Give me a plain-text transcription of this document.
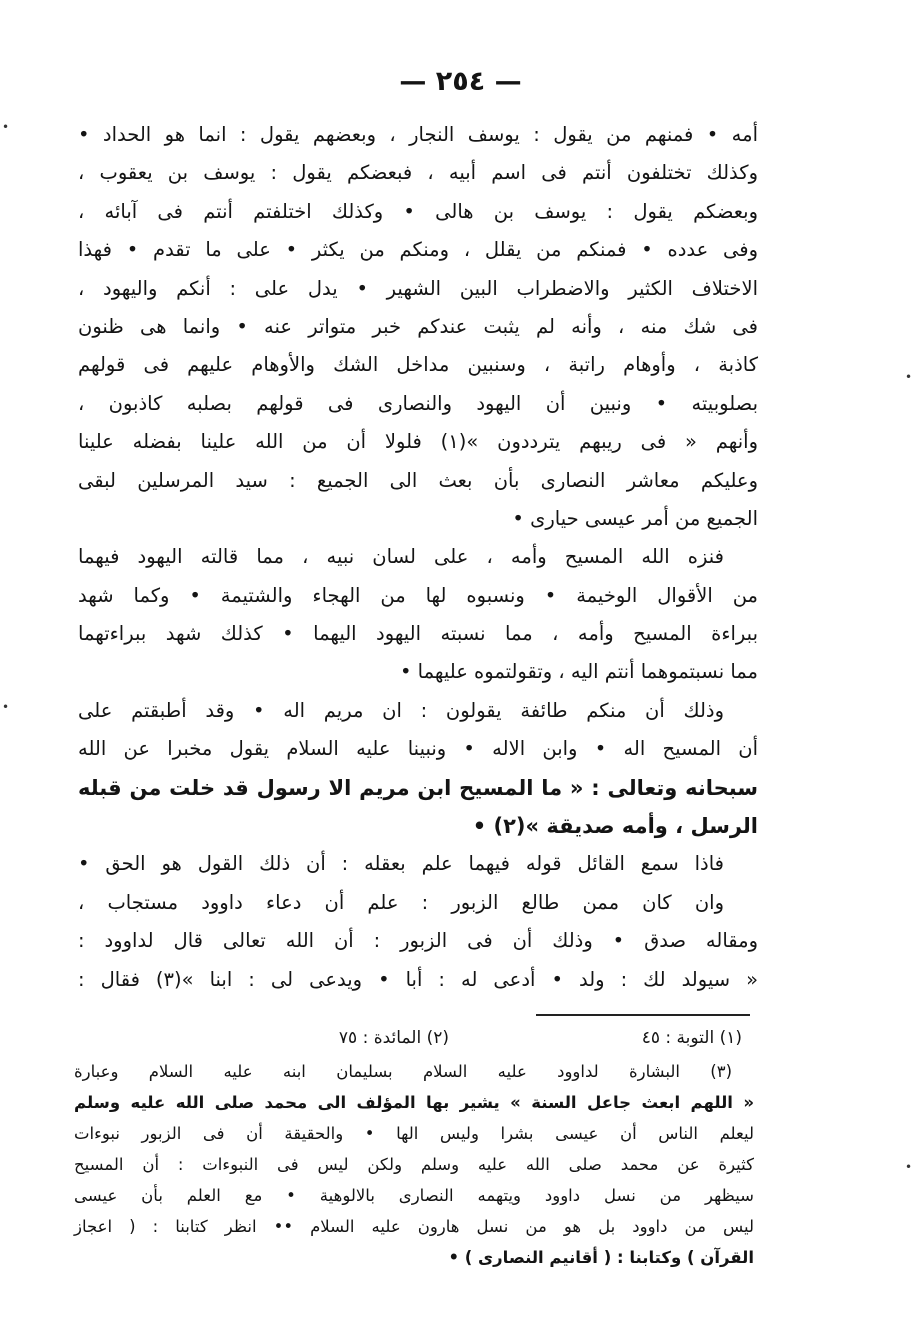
— ٢٥٤ —
أمه • فمنهم من يقول : يوسف النجار ، وبعضهم يقول : انما هو الحداد •
وكذلك تختلفون أنتم فى اسم أبيه ، فبعضكم يقول : يوسف بن يعقوب ،
وبعضكم يقول : يوسف بن هالى • وكذلك اختلفتم أنتم فى آبائه ،
وفى عدده • فمنكم من يقلل ، ومنكم من يكثر • على ما تقدم • فهذا
الاختلاف الكثير والاضطراب البين الشهير • يدل على : أنكم واليهود ،
فى شك منه ، وأنه لم يثبت عندكم خبر متواتر عنه • وانما هى ظنون
كاذبة ، وأوهام راتبة ، وسنبين مداخل الشك والأوهام عليهم فى قولهم
بصلوبيته • ونبين أن اليهود والنصارى فى قولهم بصلبه كاذبون ،
وأنهم « فى ريبهم يترددون »(١) فلولا أن من الله علينا بفضله علينا
وعليكم معاشر النصارى بأن بعث الى الجميع : سيد المرسلين لبقى
الجميع من أمر عيسى حيارى •
فنزه الله المسيح وأمه ، على لسان نبيه ، مما قالته اليهود فيهما
من الأقوال الوخيمة • ونسبوه لها من الهجاء والشتيمة • وكما شهد
ببراءة المسيح وأمه ، مما نسبته اليهود اليهما • كذلك شهد ببراءتهما
مما نسبتموهما أنتم اليه ، وتقولتموه عليهما •
وذلك أن منكم طائفة يقولون : ان مريم اله • وقد أطبقتم على
أن المسيح اله • وابن الاله • ونبينا عليه السلام يقول مخبرا عن الله
سبحانه وتعالى : « ما المسيح ابن مريم الا رسول قد خلت من قبله
الرسل ، وأمه صديقة »(٢) •
فاذا سمع القائل قوله فيهما علم بعقله : أن ذلك القول هو الحق •
وان كان ممن طالع الزبور : علم أن دعاء داوود مستجاب ،
ومقاله صدق • وذلك أن فى الزبور : أن الله تعالى قال لداوود :
« سيولد لك : ولد • أدعى له : أبا • ويدعى لى : ابنا »(٣) فقال :
(١) التوبة : ٤٥
(٢) المائدة : ٧٥
(٣) البشارة لداوود عليه السلام بسليمان ابنه عليه السلام وعبارة
« اللهم ابعث جاعل السنة » يشير بها المؤلف الى محمد صلى الله عليه وسلم
ليعلم الناس أن عيسى بشرا وليس الها • والحقيقة أن فى الزبور نبوءات
كثيرة عن محمد صلى الله عليه وسلم ولكن ليس فى النبوءات : أن المسيح
سيظهر من نسل داوود ويتهمه النصارى بالالوهية • مع العلم بأن عيسى
ليس من داوود بل هو من نسل هارون عليه السلام •• انظر كتابنا : ( اعجاز
القرآن ) وكتابنا : ( أقانيم النصارى ) •
•
•
•
•
